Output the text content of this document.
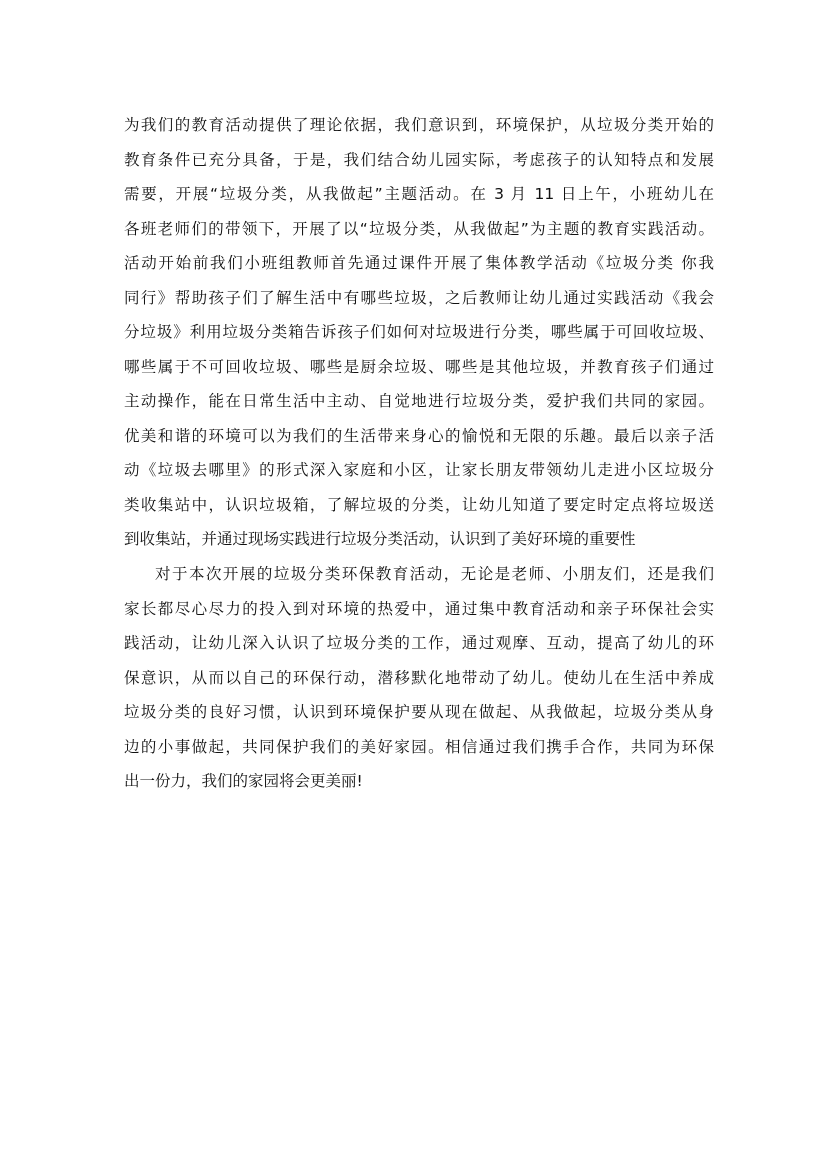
为我们的教育活动提供了理论依据，我们意识到，环境保护，从垃圾分类开始的
教育条件已充分具备，于是，我们结合幼儿园实际，考虑孩子的认知特点和发展
需要，开展“垃圾分类，从我做起”主题活动。在 3 月 11 日上午，小班幼儿在
各班老师们的带领下，开展了以“垃圾分类，从我做起”为主题的教育实践活动。
活动开始前我们小班组教师首先通过课件开展了集体教学活动《垃圾分类 你我
同行》帮助孩子们了解生活中有哪些垃圾，之后教师让幼儿通过实践活动《我会
分垃圾》利用垃圾分类箱告诉孩子们如何对垃圾进行分类，哪些属于可回收垃圾、
哪些属于不可回收垃圾、哪些是厨余垃圾、哪些是其他垃圾，并教育孩子们通过
主动操作，能在日常生活中主动、自觉地进行垃圾分类，爱护我们共同的家园。
优美和谐的环境可以为我们的生活带来身心的愉悦和无限的乐趣。最后以亲子活
动《垃圾去哪里》的形式深入家庭和小区，让家长朋友带领幼儿走进小区垃圾分
类收集站中，认识垃圾箱，了解垃圾的分类，让幼儿知道了要定时定点将垃圾送
到收集站，并通过现场实践进行垃圾分类活动，认识到了美好环境的重要性
对于本次开展的垃圾分类环保教育活动，无论是老师、小朋友们，还是我们
家长都尽心尽力的投入到对环境的热爱中，通过集中教育活动和亲子环保社会实
践活动，让幼儿深入认识了垃圾分类的工作，通过观摩、互动，提高了幼儿的环
保意识，从而以自己的环保行动，潜移默化地带动了幼儿。使幼儿在生活中养成
垃圾分类的良好习惯，认识到环境保护要从现在做起、从我做起，垃圾分类从身
边的小事做起，共同保护我们的美好家园。相信通过我们携手合作，共同为环保
出一份力，我们的家园将会更美丽!
